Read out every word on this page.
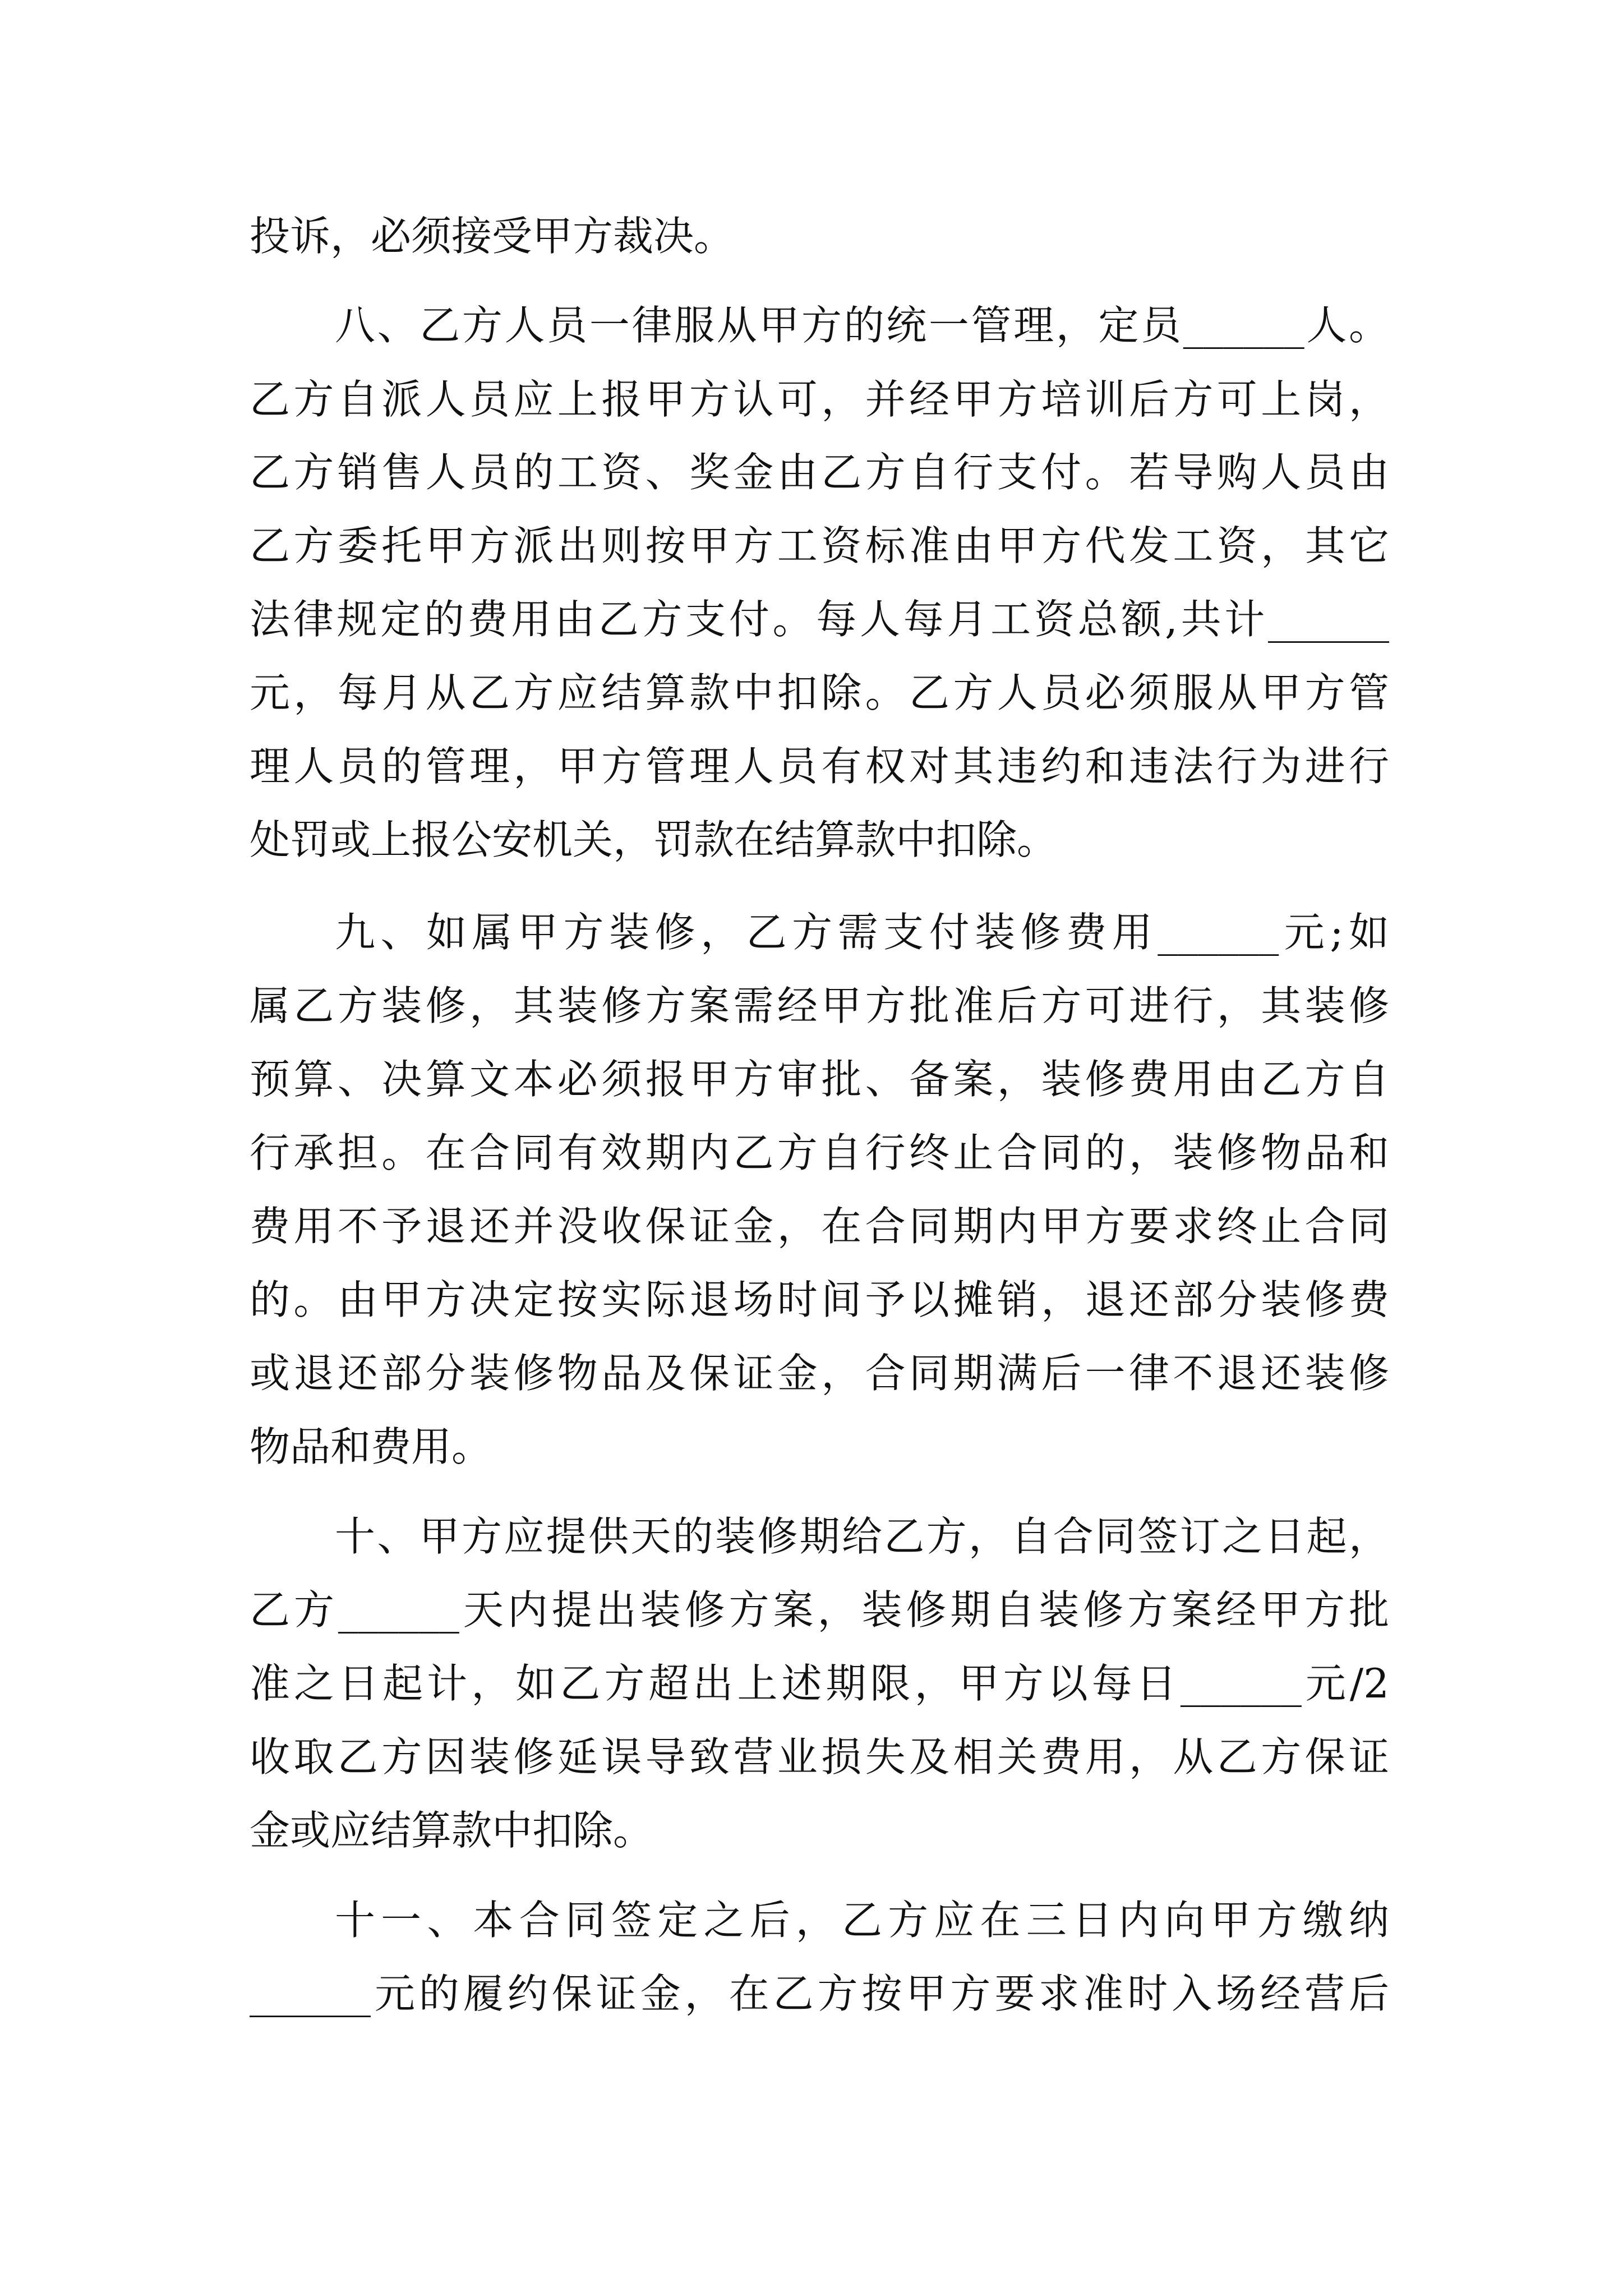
投诉，必须接受甲方裁决。

八、乙方人员一律服从甲方的统一管理，定员______人。

乙方自派人员应上报甲方认可，并经甲方培训后方可上岗，

乙方销售人员的工资、奖金由乙方自行支付。若导购人员由

乙方委托甲方派出则按甲方工资标准由甲方代发工资，其它

法律规定的费用由乙方支付。每人每月工资总额,共计______

元，每月从乙方应结算款中扣除。乙方人员必须服从甲方管

理人员的管理，甲方管理人员有权对其违约和违法行为进行

处罚或上报公安机关，罚款在结算款中扣除。

九、如属甲方装修，乙方需支付装修费用______元;如

属乙方装修，其装修方案需经甲方批准后方可进行，其装修

预算、决算文本必须报甲方审批、备案，装修费用由乙方自

行承担。在合同有效期内乙方自行终止合同的，装修物品和

费用不予退还并没收保证金，在合同期内甲方要求终止合同

的。由甲方决定按实际退场时间予以摊销，退还部分装修费

或退还部分装修物品及保证金，合同期满后一律不退还装修

物品和费用。

十、甲方应提供天的装修期给乙方，自合同签订之日起，

乙方______天内提出装修方案，装修期自装修方案经甲方批

准之日起计，如乙方超出上述期限，甲方以每日______元/2

收取乙方因装修延误导致营业损失及相关费用，从乙方保证

金或应结算款中扣除。

十一、本合同签定之后，乙方应在三日内向甲方缴纳

______元的履约保证金，在乙方按甲方要求准时入场经营后
